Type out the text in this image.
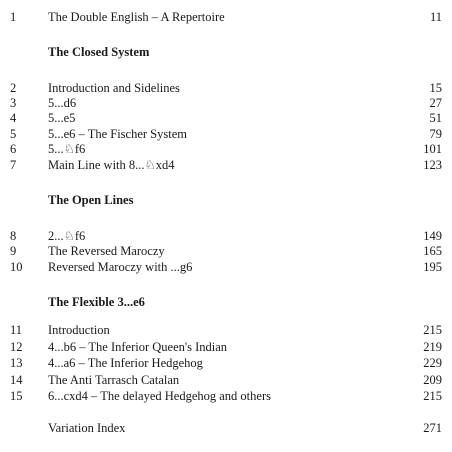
1	The Double English – A Repertoire	11
The Closed System
2	Introduction and Sidelines	15
3	5...d6	27
4	5...e5	51
5	5...e6 – The Fischer System	79
6	5...♘f6	101
7	Main Line with 8...♘xd4	123
The Open Lines
8	2...♘f6	149
9	The Reversed Maroczy	165
10 Reversed Maroczy with ...g6	195
The Flexible 3...e6
11 Introduction	215
12 4...b6 – The Inferior Queen's Indian	219
13 4...a6 – The Inferior Hedgehog	229
14 The Anti Tarrasch Catalan	209
15 6...cxd4 – The delayed Hedgehog and others	215
Variation Index	271
